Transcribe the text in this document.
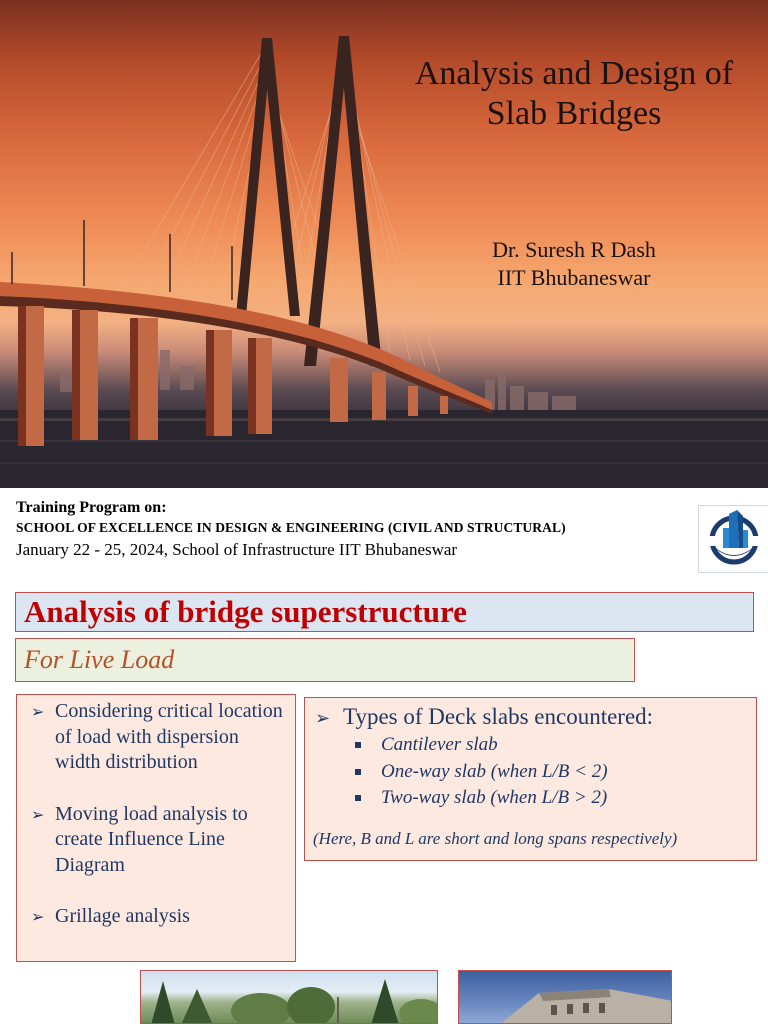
Analysis and Design of
Slab Bridges
Dr. Suresh R Dash
IIT Bhubaneswar
Training Program on:
SCHOOL OF EXCELLENCE IN DESIGN & ENGINEERING (CIVIL AND STRUCTURAL)
January 22 - 25, 2024, School of Infrastructure IIT Bhubaneswar
Analysis of bridge superstructure
For Live Load
➢ Considering critical location of load with dispersion width distribution
➢ Moving load analysis to create Influence Line Diagram
➢ Grillage analysis
➢ Types of Deck slabs encountered:
Cantilever slab
One-way slab (when L/B < 2)
Two-way slab (when L/B > 2)
(Here, B and L are short and long spans respectively)
